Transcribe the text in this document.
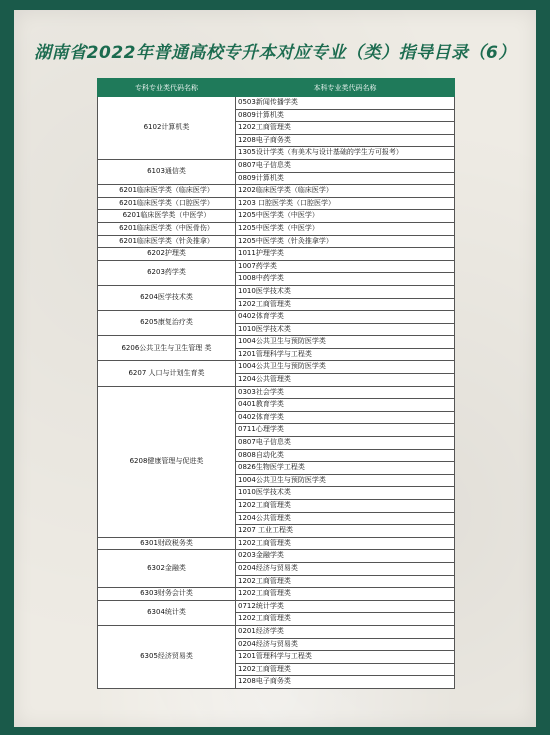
湖南省2022年普通高校专升本对应专业（类）指导目录（6）
专科专业类代码名称	本科专业类代码名称
6102计算机类	0503新闻传播学类
	0809计算机类
	1202工商管理类
	1208电子商务类
	1305设计学类（有美术与设计基础的学生方可报考）
6103通信类	0807电子信息类
	0809计算机类
6201临床医学类（临床医学）	1202临床医学类（临床医学）
6201临床医学类（口腔医学）	1203 口腔医学类（口腔医学）
6201临床医学类（中医学）	1205中医学类（中医学）
6201临床医学类（中医骨伤）	1205中医学类（中医学）
6201临床医学类（针灸推拿）	1205中医学类（针灸推拿学）
6202护理类	1011护理学类
6203药学类	1007药学类
	1008中药学类
6204医学技术类	1010医学技术类
	1202工商管理类
6205康复治疗类	0402体育学类
	1010医学技术类
6206公共卫生与卫生管理 类	1004公共卫生与预防医学类
	1201管理科学与工程类
6207 人口与计划生育类	1004公共卫生与预防医学类
	1204公共管理类
6208健康管理与促进类	0303社会学类
	0401教育学类
	0402体育学类
	0711心理学类
	0807电子信息类
	0808自动化类
	0826生物医学工程类
	1004公共卫生与预防医学类
	1010医学技术类
	1202工商管理类
	1204公共管理类
	1207 工业工程类
6301财政税务类	1202工商管理类
6302金融类	0203金融学类
	0204经济与贸易类
	1202工商管理类
6303财务会计类	1202工商管理类
6304统计类	0712统计学类
	1202工商管理类
6305经济贸易类	0201经济学类
	0204经济与贸易类
	1201管理科学与工程类
	1202工商管理类
	1208电子商务类
